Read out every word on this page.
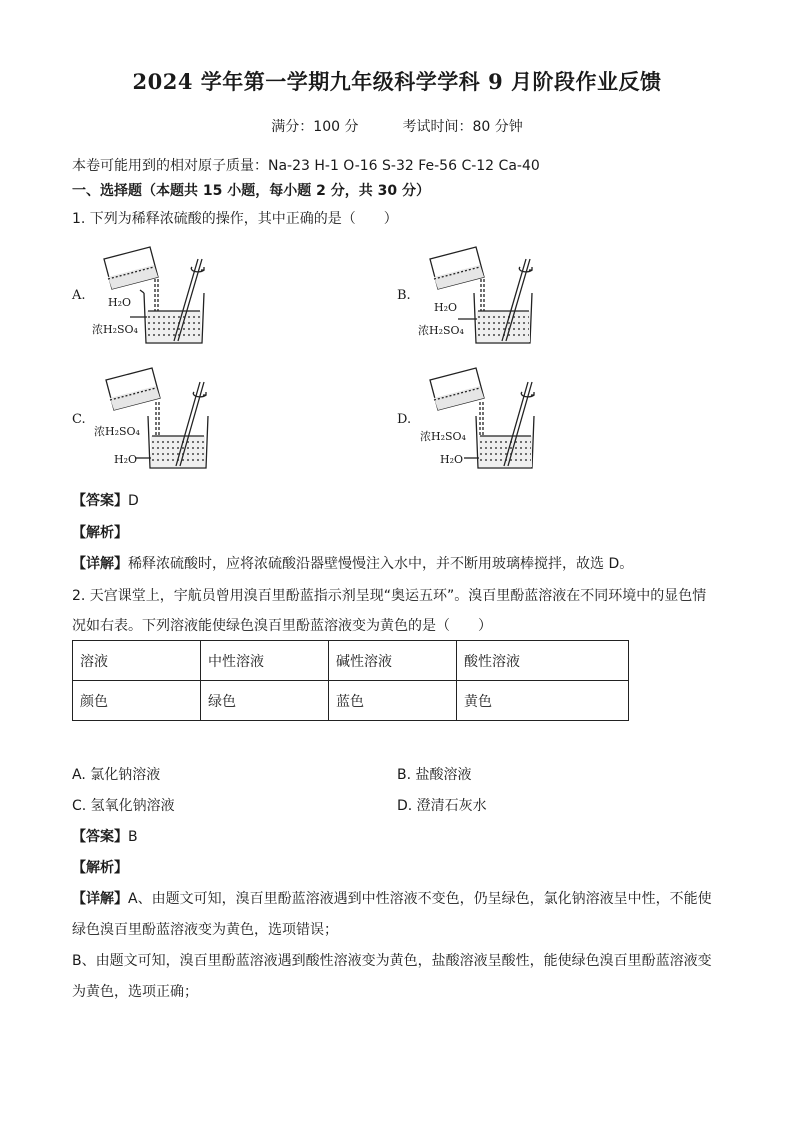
2024 学年第一学期九年级科学学科 9 月阶段作业反馈
满分：100 分	考试时间：80 分钟
本卷可能用到的相对原子质量：Na-23 H-1 O-16 S-32 Fe-56 C-12 Ca-40
一、选择题（本题共 15 小题，每小题 2 分，共 30 分）
1. 下列为稀释浓硫酸的操作，其中正确的是（　　）
A. H₂O
浓H₂SO₄
B.
H₂O
浓H₂SO₄
C.
浓H₂SO₄
H₂O
D.
浓H₂SO₄
H₂O
【答案】D
【解析】
【详解】稀释浓硫酸时，应将浓硫酸沿器壁慢慢注入水中，并不断用玻璃棒搅拌，故选 D。
2. 天宫课堂上，宇航员曾用溴百里酚蓝指示剂呈现“奥运五环”。溴百里酚蓝溶液在不同环境中的显色情
况如右表。下列溶液能使绿色溴百里酚蓝溶液变为黄色的是（　　）
溶液	中性溶液	碱性溶液	酸性溶液
颜色	绿色	蓝色	黄色
A. 氯化钠溶液	B. 盐酸溶液
C. 氢氧化钠溶液	D. 澄清石灰水
【答案】B
【解析】
【详解】A、由题文可知，溴百里酚蓝溶液遇到中性溶液不变色，仍呈绿色，氯化钠溶液呈中性，不能使
绿色溴百里酚蓝溶液变为黄色，选项错误；
B、由题文可知，溴百里酚蓝溶液遇到酸性溶液变为黄色，盐酸溶液呈酸性，能使绿色溴百里酚蓝溶液变
为黄色，选项正确；
